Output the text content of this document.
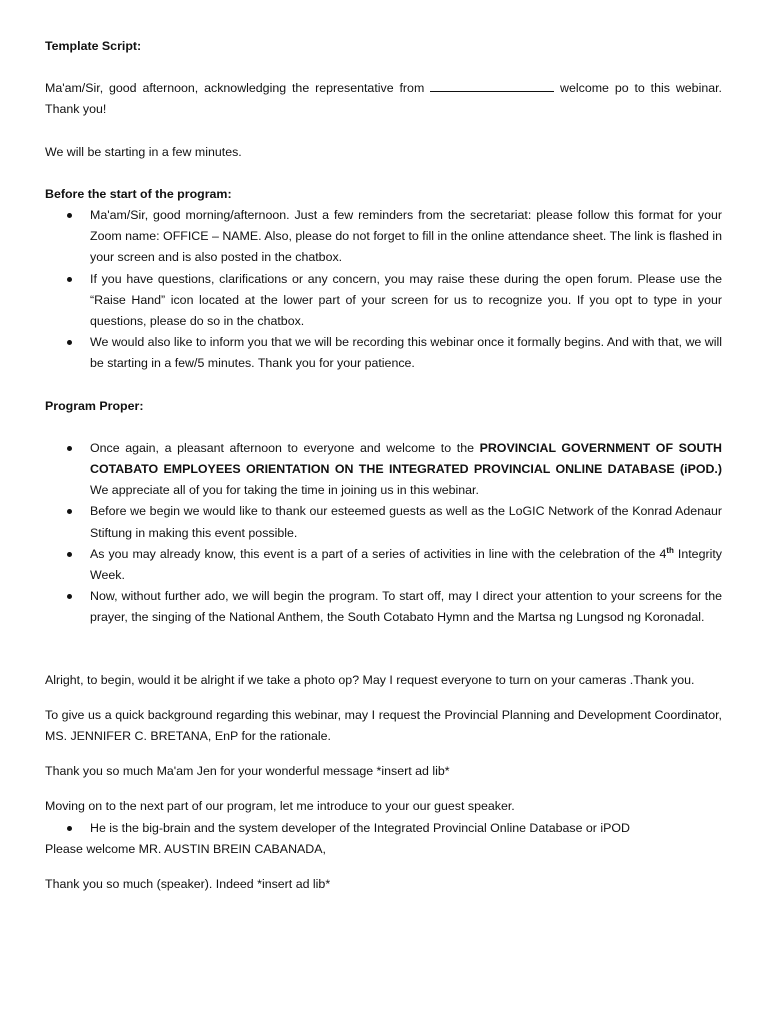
Template Script:

Ma'am/Sir, good afternoon, acknowledging the representative from	welcome po to this webinar. Thank you!

We will be starting in a few minutes.

Before the start of the program:

Ma'am/Sir, good morning/afternoon. Just a few reminders from the secretariat: please follow this format for your Zoom name: OFFICE – NAME. Also, please do not forget to fill in the online attendance sheet. The link is flashed in your screen and is also posted in the chatbox.
If you have questions, clarifications or any concern, you may raise these during the open forum. Please use the “Raise Hand” icon located at the lower part of your screen for us to recognize you. If you opt to type in your questions, please do so in the chatbox.
We would also like to inform you that we will be recording this webinar once it formally begins. And with that, we will be starting in a few/5 minutes. Thank you for your patience.

Program Proper:

Once again, a pleasant afternoon to everyone and welcome to the PROVINCIAL GOVERNMENT OF SOUTH COTABATO EMPLOYEES ORIENTATION ON THE INTEGRATED PROVINCIAL ONLINE DATABASE (iPOD.) We appreciate all of you for taking the time in joining us in this webinar.
Before we begin we would like to thank our esteemed guests as well as the LoGIC Network of the Konrad Adenaur Stiftung in making this event possible.
As you may already know, this event is a part of a series of activities in line with the celebration of the 4th Integrity Week.
Now, without further ado, we will begin the program. To start off, may I direct your attention to your screens for the prayer, the singing of the National Anthem, the South Cotabato Hymn and the Martsa ng Lungsod ng Koronadal.

Alright, to begin, would it be alright if we take a photo op? May I request everyone to turn on your cameras .Thank you.

To give us a quick background regarding this webinar, may I request the Provincial Planning and Development Coordinator, MS. JENNIFER C. BRETANA, EnP for the rationale.

Thank you so much Ma'am Jen for your wonderful message *insert ad lib*

Moving on to the next part of our program, let me introduce to your our guest speaker.

He is the big-brain and the system developer of the Integrated Provincial Online Database or iPOD

Please welcome MR. AUSTIN BREIN CABANADA,

Thank you so much (speaker). Indeed *insert ad lib*
